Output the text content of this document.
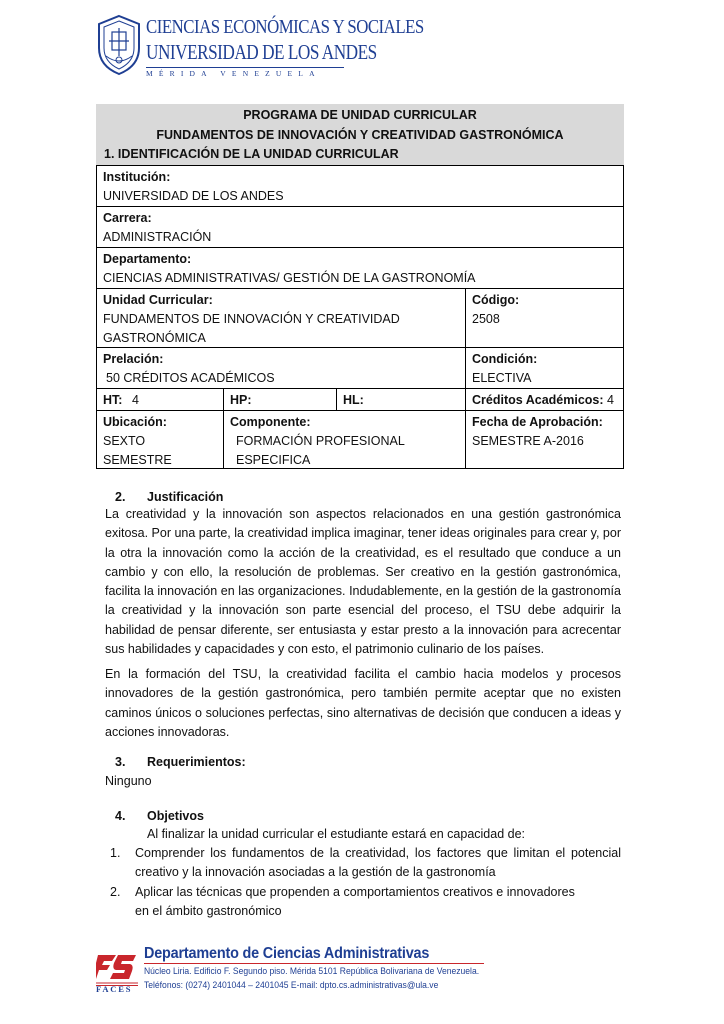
CIENCIAS ECONÓMICAS Y SOCIALES
UNIVERSIDAD DE LOS ANDES
MÉRIDA VENEZUELA
PROGRAMA DE UNIDAD CURRICULAR
FUNDAMENTOS DE INNOVACIÓN Y CREATIVIDAD GASTRONÓMICA
1. IDENTIFICACIÓN DE LA UNIDAD CURRICULAR
Institución:
UNIVERSIDAD DE LOS ANDES
Carrera:
ADMINISTRACIÓN
Departamento:
CIENCIAS ADMINISTRATIVAS/ GESTIÓN DE LA GASTRONOMÍA
Unidad Curricular:
FUNDAMENTOS DE INNOVACIÓN Y CREATIVIDAD
GASTRONÓMICA
Código:
2508
Prelación:
50 CRÉDITOS ACADÉMICOS
Condición:
ELECTIVA
HT: 4	HP:	HL:	Créditos Académicos: 4
Ubicación:
SEXTO SEMESTRE
Componente:
FORMACIÓN PROFESIONAL
ESPECIFICA
Fecha de Aprobación:
SEMESTRE A-2016
2. Justificación
La creatividad y la innovación son aspectos relacionados en una gestión gastronómica exitosa. Por una parte, la creatividad implica imaginar, tener ideas originales para crear y, por la otra la innovación como la acción de la creatividad, es el resultado que conduce a un cambio y con ello, la resolución de problemas. Ser creativo en la gestión gastronómica, facilita la innovación en las organizaciones. Indudablemente, en la gestión de la gastronomía la creatividad y la innovación son parte esencial del proceso, el TSU debe adquirir la habilidad de pensar diferente, ser entusiasta y estar presto a la innovación para acrecentar sus habilidades y capacidades y con esto, el patrimonio culinario de los países.
En la formación del TSU, la creatividad facilita el cambio hacia modelos y procesos innovadores de la gestión gastronómica, pero también permite aceptar que no existen caminos únicos o soluciones perfectas, sino alternativas de decisión que conducen a ideas y acciones innovadoras.
3. Requerimientos:
Ninguno
4. Objetivos
Al finalizar la unidad curricular el estudiante estará en capacidad de:
1. Comprender los fundamentos de la creatividad, los factores que limitan el potencial creativo y la innovación asociadas a la gestión de la gastronomía
2. Aplicar las técnicas que propenden a comportamientos creativos e innovadores
en el ámbito gastronómico
FACES
Departamento de Ciencias Administrativas
Núcleo Liria. Edificio F. Segundo piso. Mérida 5101 República Bolivariana de Venezuela.
Teléfonos: (0274) 2401044 – 2401045 E-mail: dpto.cs.administrativas@ula.ve
